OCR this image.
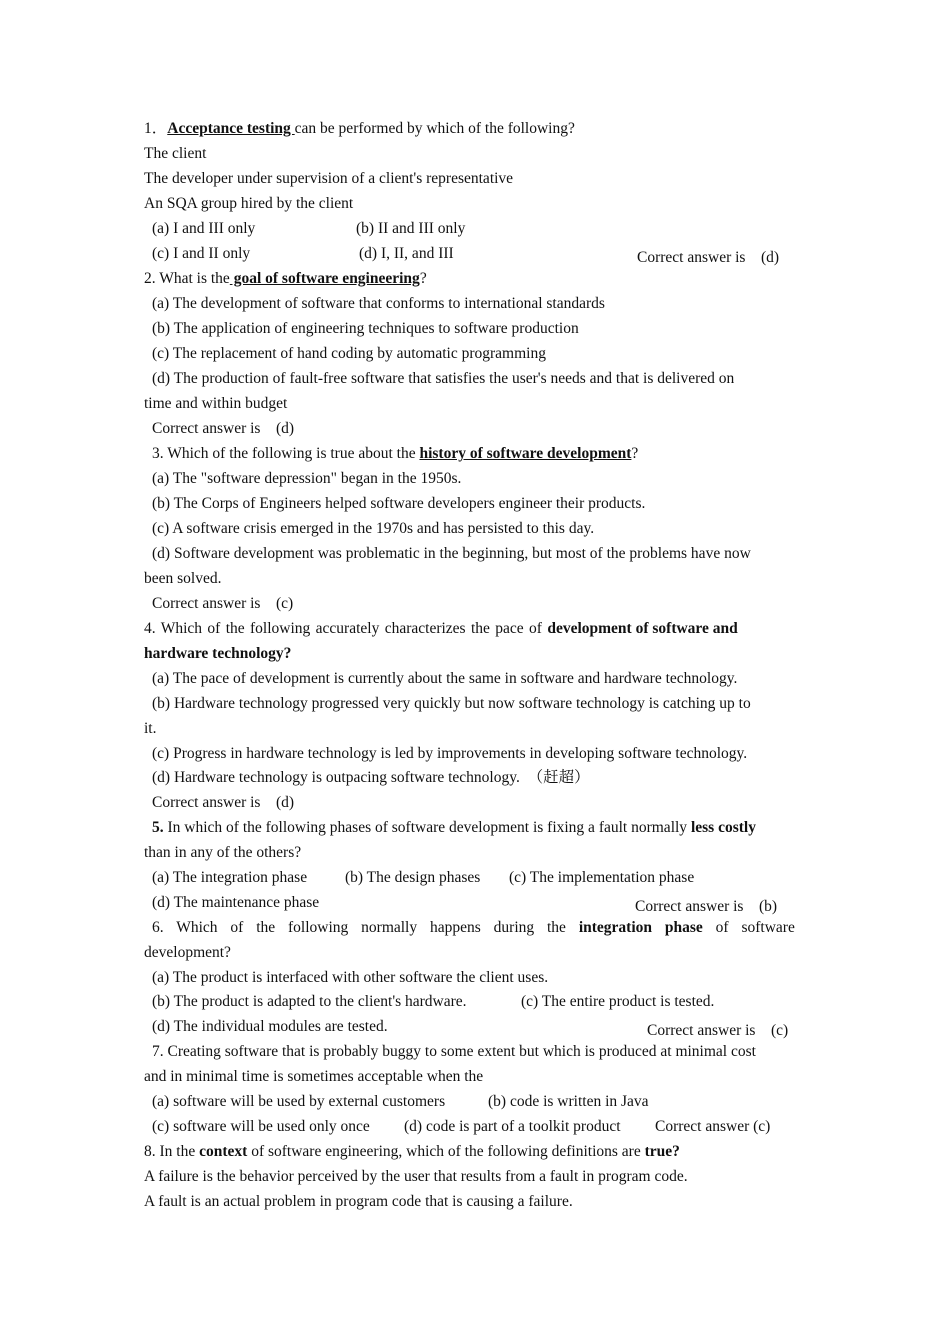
1．Acceptance testing can be performed by which of the following?
The client
The developer under supervision of a client's representative
An SQA group hired by the client
(a) I and III only	(b) II and III only
(c) I and II only	(d) I, II, and III	Correct answer is　(d)
2. What is the goal of software engineering?
(a) The development of software that conforms to international standards
(b) The application of engineering techniques to software production
(c) The replacement of hand coding by automatic programming
(d) The production of fault-free software that satisfies the user's needs and that is delivered on
time and within budget
Correct answer is　(d)
3. Which of the following is true about the history of software development?
(a) The "software depression" began in the 1950s.
(b) The Corps of Engineers helped software developers engineer their products.
(c) A software crisis emerged in the 1970s and has persisted to this day.
(d) Software development was problematic in the beginning, but most of the problems have now
been solved.
Correct answer is　(c)
4. Which of the following accurately characterizes the pace of development of software and
hardware technology?
(a) The pace of development is currently about the same in software and hardware technology.
(b) Hardware technology progressed very quickly but now software technology is catching up to
it.
(c) Progress in hardware technology is led by improvements in developing software technology.
(d) Hardware technology is outpacing software technology.　（赶超）
Correct answer is　(d)
5. In which of the following phases of software development is fixing a fault normally less costly
than in any of the others?
(a) The integration phase (b) The design phases (c) The implementation phase
(d) The maintenance phase	Correct answer is　(b)
6. Which of the following normally happens during the integration phase of software
development?
(a) The product is interfaced with other software the client uses.
(b) The product is adapted to the client's hardware.	(c) The entire product is tested.
(d) The individual modules are tested.	Correct answer is　(c)
7. Creating software that is probably buggy to some extent but which is produced at minimal cost
and in minimal time is sometimes acceptable when the
(a) software will be used by external customers	(b) code is written in Java
(c) software will be used only once (d) code is part of a toolkit product Correct answer (c)
8. In the context of software engineering, which of the following definitions are true?
A failure is the behavior perceived by the user that results from a fault in program code.
A fault is an actual problem in program code that is causing a failure.
